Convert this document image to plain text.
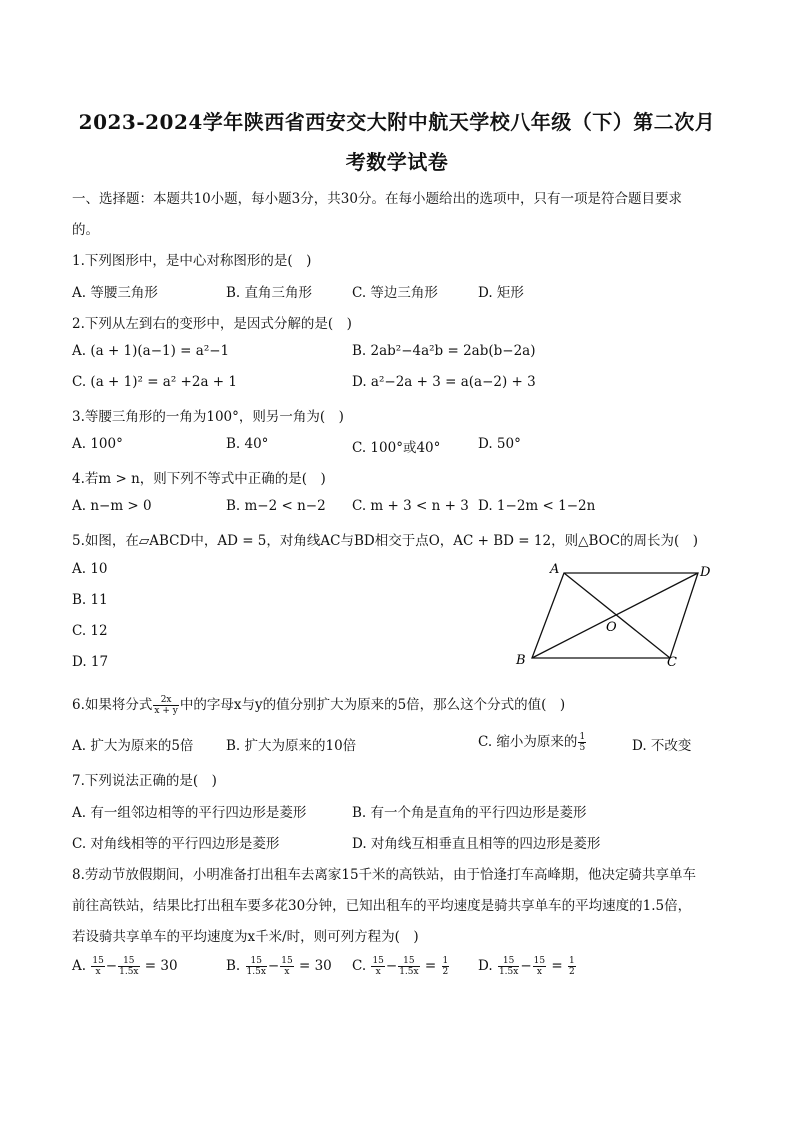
2023-2024学年陕西省西安交大附中航天学校八年级（下）第二次月
考数学试卷
一、选择题：本题共10小题，每小题3分，共30分。在每小题给出的选项中，只有一项是符合题目要求
的。
1.下列图形中，是中心对称图形的是(　)
A. 等腰三角形	B. 直角三角形	C. 等边三角形	D. 矩形
2.下列从左到右的变形中，是因式分解的是(　)
A. (a + 1)(a−1) = a²−1	B. 2ab²−4a²b = 2ab(b−2a)
C. (a + 1)² = a² +2a + 1	D. a²−2a + 3 = a(a−2) + 3
3.等腰三角形的一角为100°，则另一角为(　)
A. 100°	B. 40°	C. 100°或40°	D. 50°
4.若m > n，则下列不等式中正确的是(　)
A. n−m > 0	B. m−2 < n−2 C. m + 3 < n + 3 D. 1−2m < 1−2n
5.如图，在▱ABCD中，AD = 5，对角线AC与BD相交于点O，AC + BD = 12，则△BOC的周长为(　)
A. 10
B. 11
C. 12
D. 17
A	D
B	C
O
6.如果将分式 $\frac{2x}{x + y}$ 中的字母x与y的值分别扩大为原来的5倍，那么这个分式的值(　)
A. 扩大为原来的5倍 B. 扩大为原来的10倍	C. 缩小为原来的 $\frac{1}{5}$	D. 不改变
7.下列说法正确的是(　)
A. 有一组邻边相等的平行四边形是菱形	B. 有一个角是直角的平行四边形是菱形
C. 对角线相等的平行四边形是菱形	D. 对角线互相垂直且相等的四边形是菱形
8.劳动节放假期间，小明准备打出租车去离家15千米的高铁站，由于恰逢打车高峰期，他决定骑共享单车
前往高铁站，结果比打出租车要多花30分钟，已知出租车的平均速度是骑共享单车的平均速度的1.5倍，
若设骑共享单车的平均速度为x千米/时，则可列方程为(　)
A. $\frac{15}{x} - \frac{15}{1.5x} = 30$	B. $\frac{15}{1.5x} - \frac{15}{x} = 30$ C. $\frac{15}{x} - \frac{15}{1.5x} = \frac{1}{2} D$. $\frac{15}{1.5x} - \frac{15}{x} = \frac{1}{2}$
